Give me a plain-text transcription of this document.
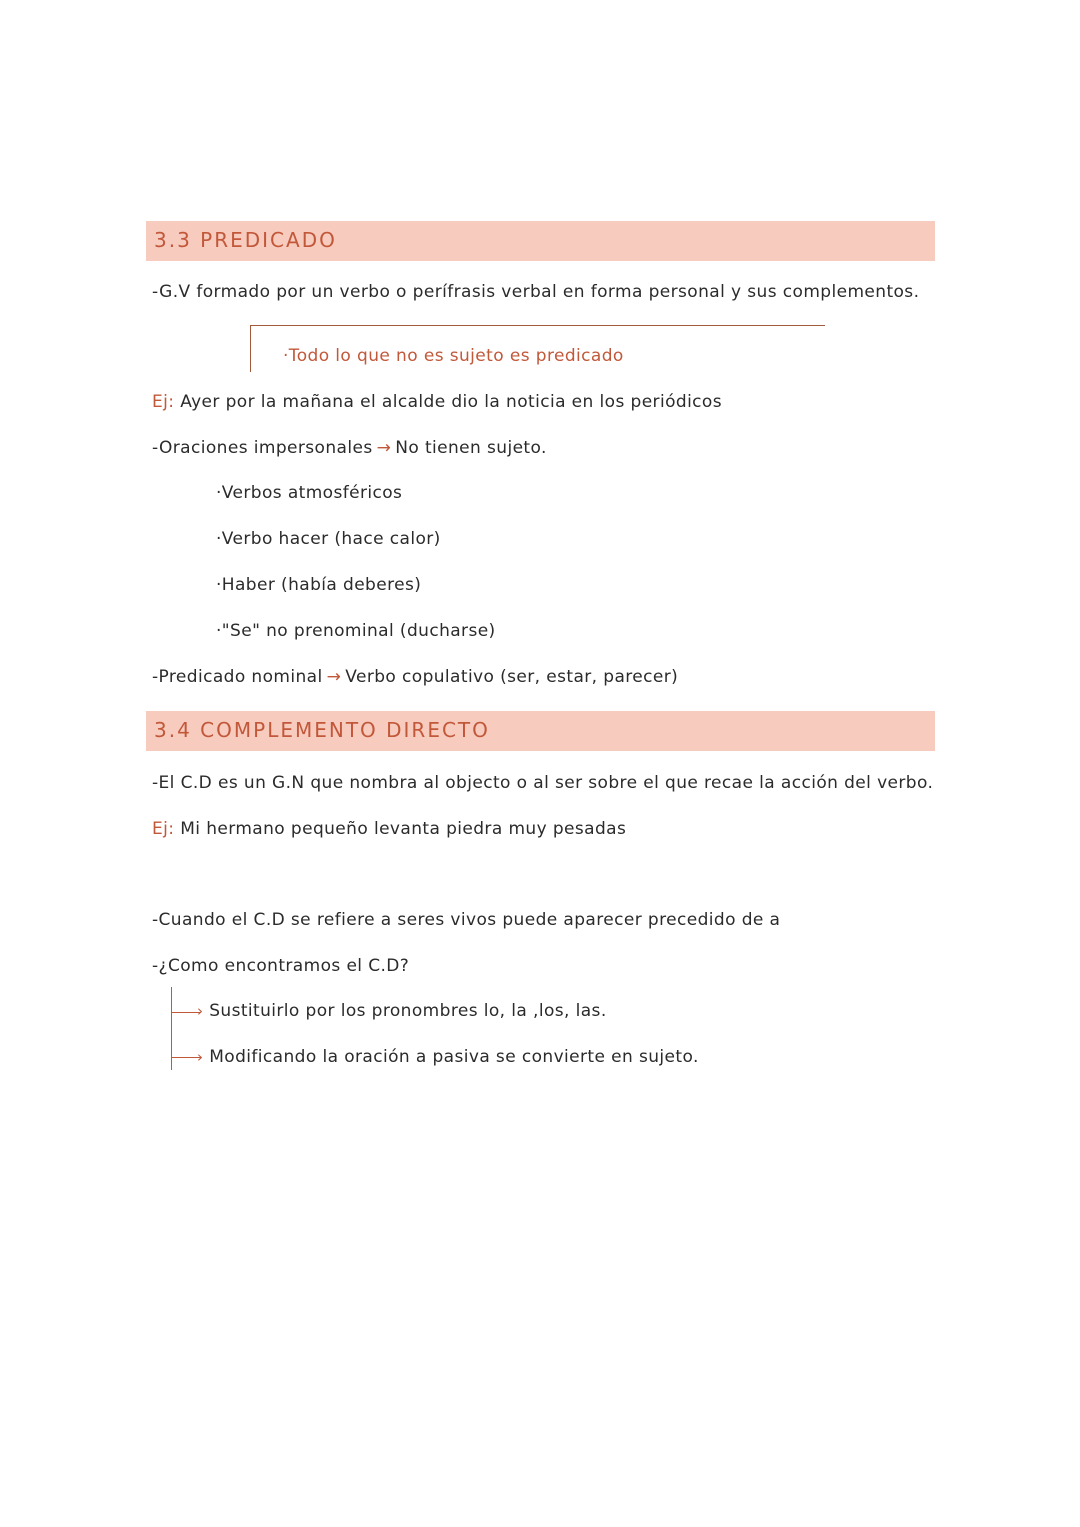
3.3 PREDICADO
-G.V formado por un verbo o perífrasis verbal en forma personal y sus complementos.
·Todo lo que no es sujeto es predicado
Ej: Ayer por la mañana el alcalde dio la noticia en los periódicos
-Oraciones impersonales → No tienen sujeto.
·Verbos atmosféricos
·Verbo hacer (hace calor)
·Haber (había deberes)
·"Se" no prenominal (ducharse)
-Predicado nominal → Verbo copulativo (ser, estar, parecer)
3.4 COMPLEMENTO DIRECTO
-El C.D es un G.N que nombra al objecto o al ser sobre el que recae la acción del verbo.
Ej: Mi hermano pequeño levanta piedra muy pesadas
-Cuando el C.D se refiere a seres vivos puede aparecer precedido de a
-¿Como encontramos el C.D?
› Sustituirlo por los pronombres lo, la ,los, las.
› Modificando la oración a pasiva se convierte en sujeto.
